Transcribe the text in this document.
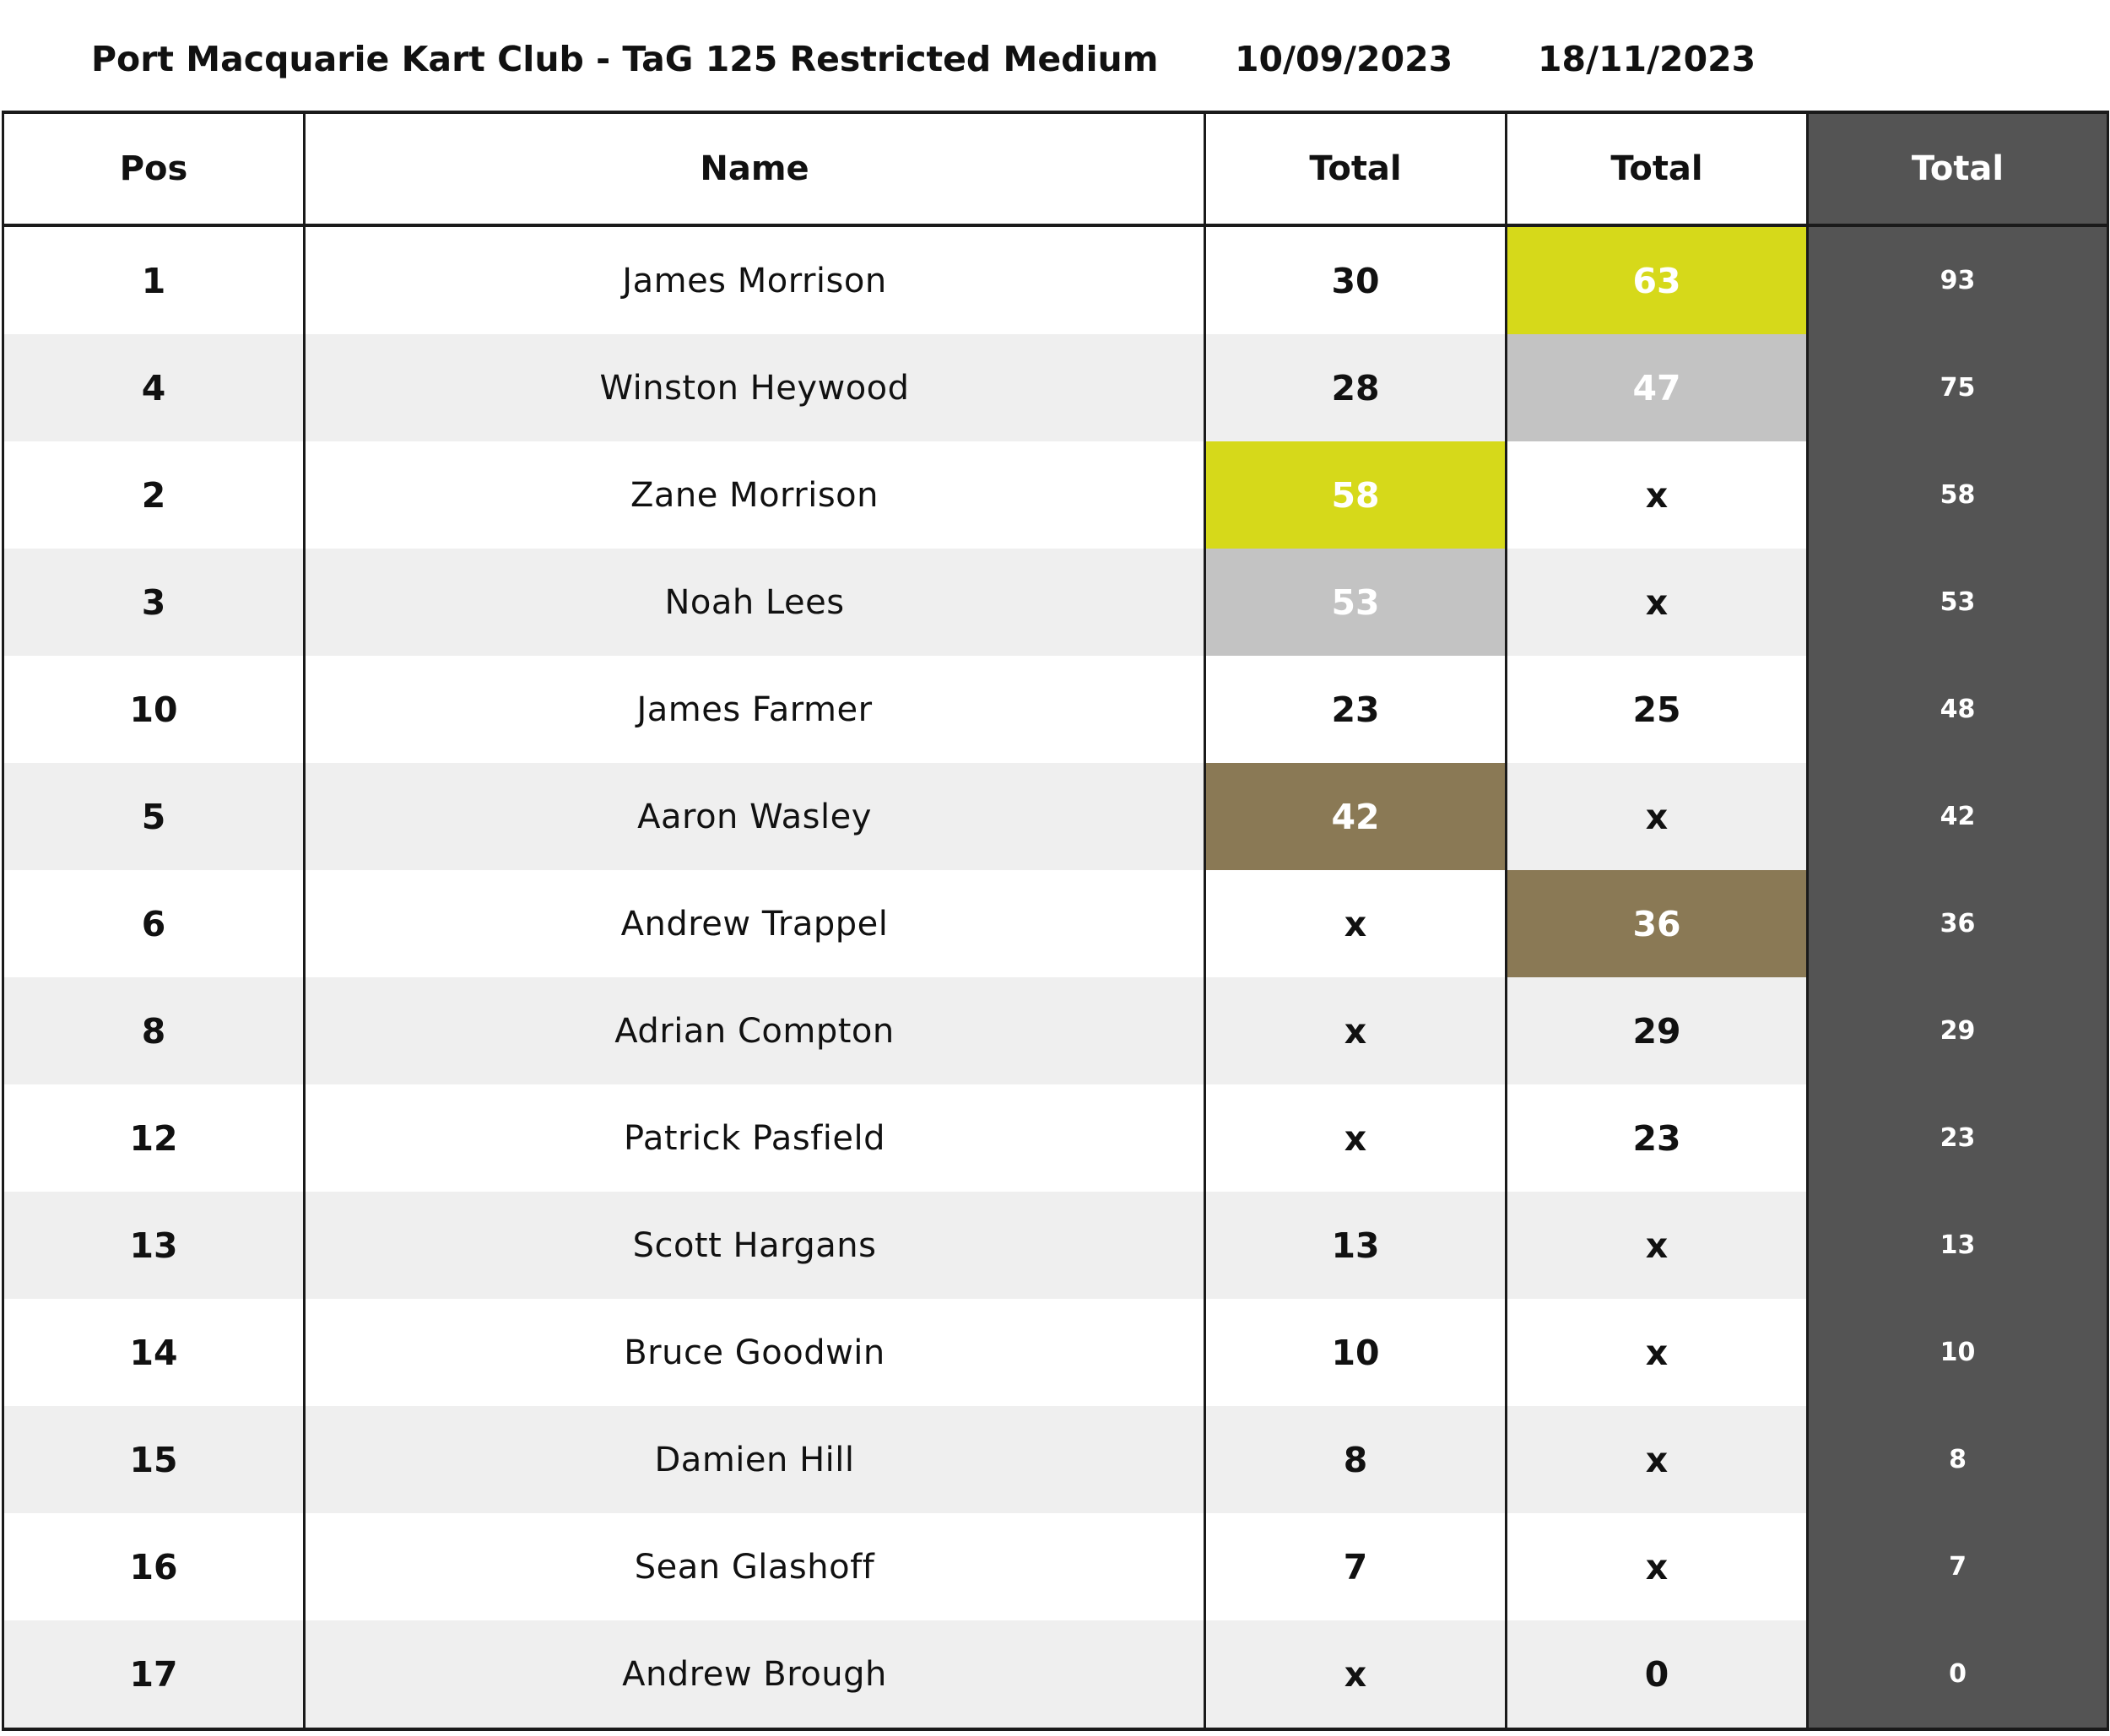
Port Macquarie Kart Club - TaG 125 Restricted Medium 10/09/2023	18/11/2023
Pos	Name	Total	Total	Total
1	James Morrison	30	63	93
4	Winston Heywood	28	47	75
2	Zane Morrison	58	x	58
3	Noah Lees	53	x	53
10	James Farmer	23	25	48
5	Aaron Wasley	42	x	42
6	Andrew Trappel	x	36	36
8	Adrian Compton	x	29	29
12	Patrick Pasfield	x	23	23
13	Scott Hargans	13	x	13
14	Bruce Goodwin	10	x	10
15	Damien Hill	8	x	8
16	Sean Glashoff	7	x	7
17	Andrew Brough	x	0	0
